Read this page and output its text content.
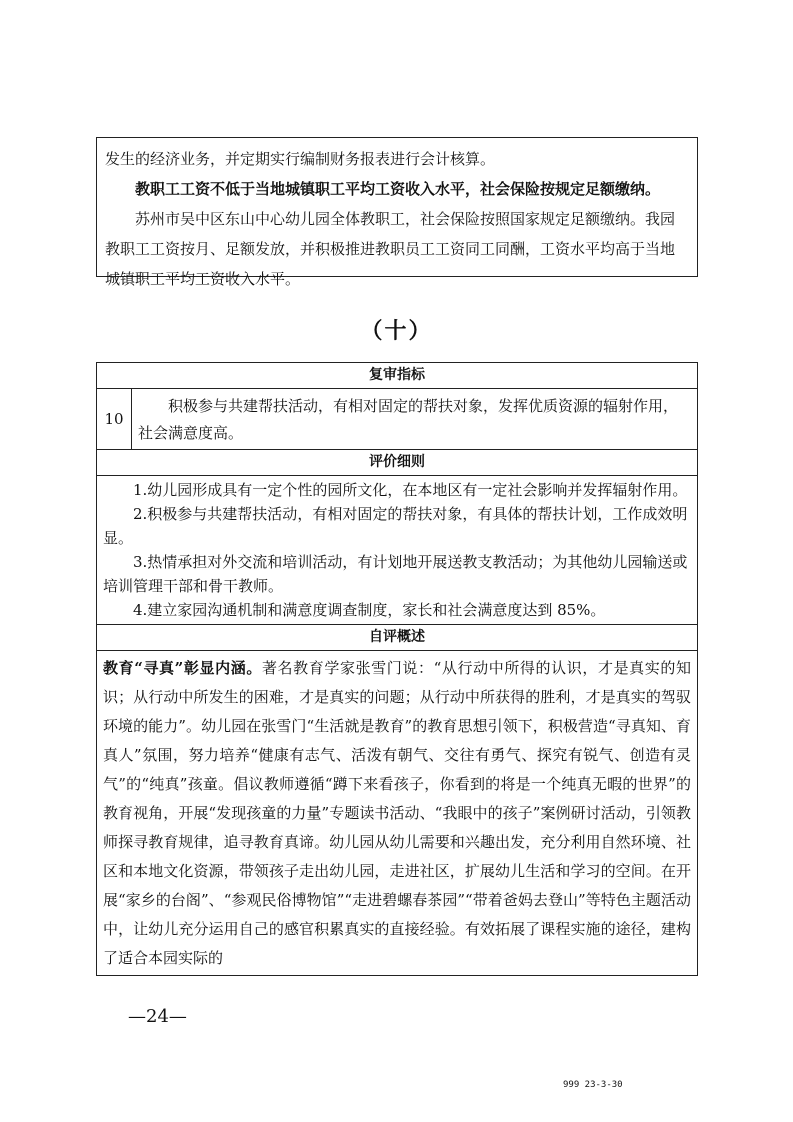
发生的经济业务，并定期实行编制财务报表进行会计核算。

教职工工资不低于当地城镇职工平均工资收入水平，社会保险按规定足额缴纳。

苏州市吴中区东山中心幼儿园全体教职工，社会保险按照国家规定足额缴纳。我园教职工工资按月、足额发放，并积极推进教职员工工资同工同酬，工资水平均高于当地城镇职工平均工资收入水平。

（十）
复审指标
10	积极参与共建帮扶活动，有相对固定的帮扶对象，发挥优质资源的辐射作用，社会满意度高。
评价细则

1.幼儿园形成具有一定个性的园所文化，在本地区有一定社会影响并发挥辐射作用。

2.积极参与共建帮扶活动，有相对固定的帮扶对象，有具体的帮扶计划，工作成效明显。

3.热情承担对外交流和培训活动，有计划地开展送教支教活动；为其他幼儿园输送或培训管理干部和骨干教师。

4.建立家园沟通机制和满意度调查制度，家长和社会满意度达到 85%。

自评概述
教育“寻真”彰显内涵。著名教育学家张雪门说：“从行动中所得的认识，才是真实的知识；从行动中所发生的困难，才是真实的问题；从行动中所获得的胜利，才是真实的驾驭环境的能力”。幼儿园在张雪门“生活就是教育”的教育思想引领下，积极营造“寻真知、育真人”氛围，努力培养“健康有志气、活泼有朝气、交往有勇气、探究有锐气、创造有灵气”的“纯真”孩童。倡议教师遵循“蹲下来看孩子，你看到的将是一个纯真无暇的世界”的教育视角，开展“发现孩童的力量”专题读书活动、“我眼中的孩子”案例研讨活动，引领教师探寻教育规律，追寻教育真谛。幼儿园从幼儿需要和兴趣出发，充分利用自然环境、社区和本地文化资源，带领孩子走出幼儿园，走进社区，扩展幼儿生活和学习的空间。在开展“家乡的台阁”、“参观民俗博物馆”“走进碧螺春茶园”“带着爸妈去登山”等特色主题活动中，让幼儿充分运用自己的感官积累真实的直接经验。有效拓展了课程实施的途径，建构了适合本园实际的
—24—
999 23-3-30
